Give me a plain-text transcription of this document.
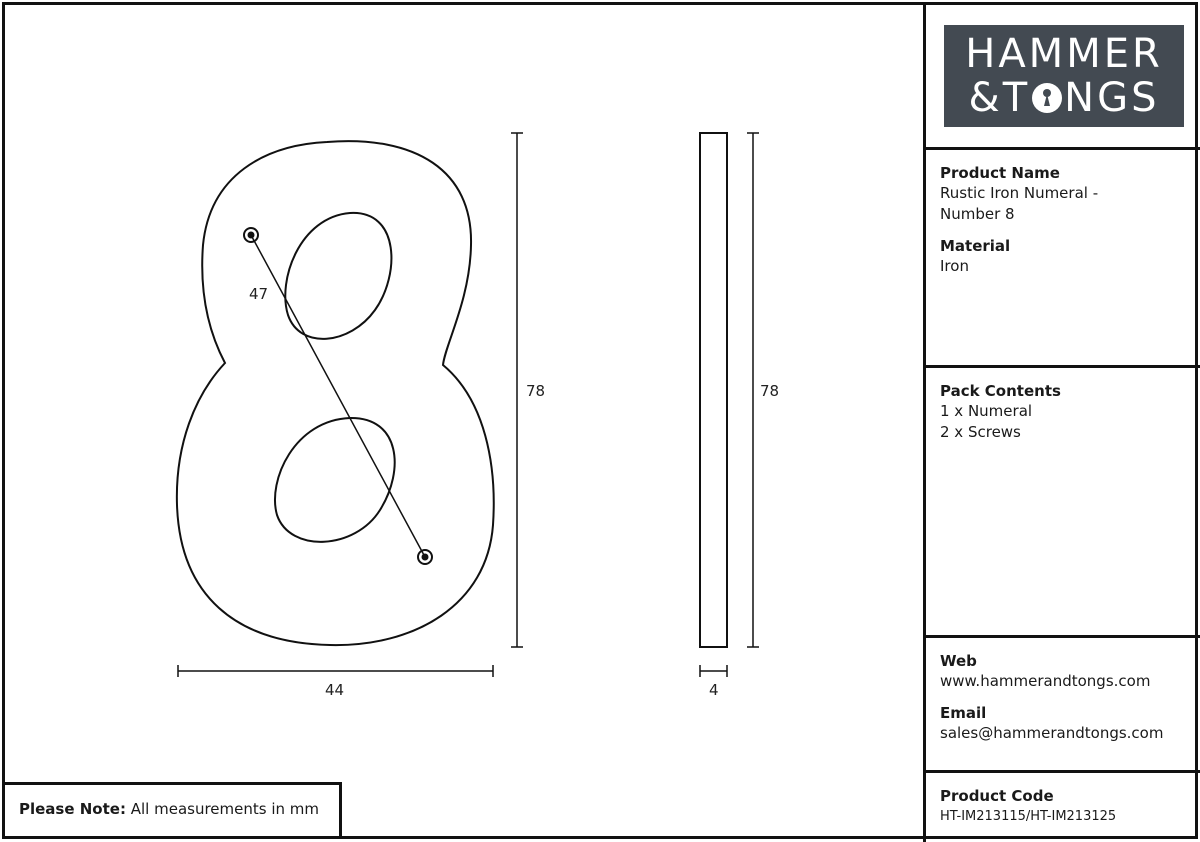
47
78
44
78
4
Please Note: All measurements in mm
HAMMER
& T NGS
Product Name
Rustic Iron Numeral -
Number 8
Material
Iron
Pack Contents
1 x Numeral
2 x Screws
Web
www.hammerandtongs.com
Email
sales@hammerandtongs.com
Product Code
HT-IM213115/HT-IM213125
